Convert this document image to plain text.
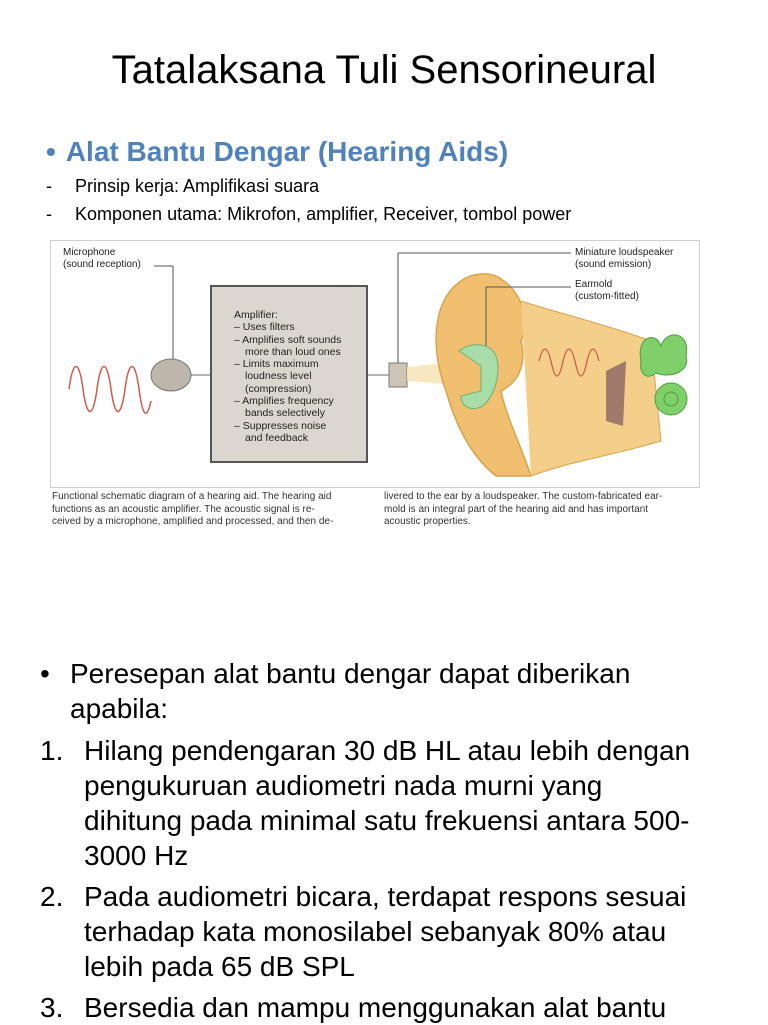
Tatalaksana Tuli Sensorineural
• Alat Bantu Dengar (Hearing Aids)
- Prinsip kerja: Amplifikasi suara
- Komponen utama: Mikrofon, amplifier, Receiver, tombol power
Microphone
(sound reception)
Miniature loudspeaker
(sound emission)
Earmold
(custom-fitted)
Amplifier:
– Uses filters
– Amplifies soft sounds
more than loud ones
– Limits maximum
loudness level
(compression)
– Amplifies frequency
bands selectively
– Suppresses noise
and feedback
Functional schematic diagram of a hearing aid. The hearing aid
functions as an acoustic amplifier. The acoustic signal is re-
ceived by a microphone, amplified and processed, and then de-
livered to the ear by a loudspeaker. The custom-fabricated ear-
mold is an integral part of the hearing aid and has important
acoustic properties.
• Peresepan alat bantu dengar dapat diberikan
apabila:
1. Hilang pendengaran 30 dB HL atau lebih dengan
pengukuruan audiometri nada murni yang
dihitung pada minimal satu frekuensi antara 500-
3000 Hz
2. Pada audiometri bicara, terdapat respons sesuai
terhadap kata monosilabel sebanyak 80% atau
lebih pada 65 dB SPL
3. Bersedia dan mampu menggunakan alat bantu
